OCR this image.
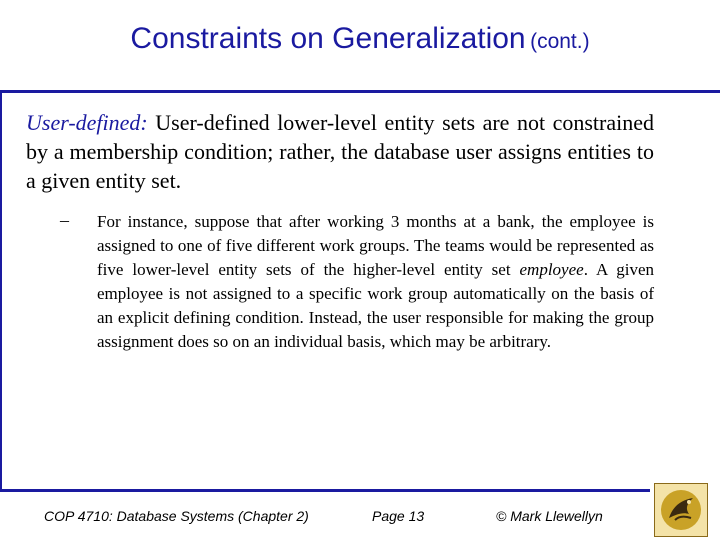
Constraints on Generalization (cont.)
User-defined: User-defined lower-level entity sets are not constrained by a membership condition; rather, the database user assigns entities to a given entity set.
– For instance, suppose that after working 3 months at a bank, the employee is assigned to one of five different work groups. The teams would be represented as five lower-level entity sets of the higher-level entity set employee. A given employee is not assigned to a specific work group automatically on the basis of an explicit defining condition. Instead, the user responsible for making the group assignment does so on an individual basis, which may be arbitrary.
COP 4710: Database Systems (Chapter 2)	Page 13	© Mark Llewellyn
